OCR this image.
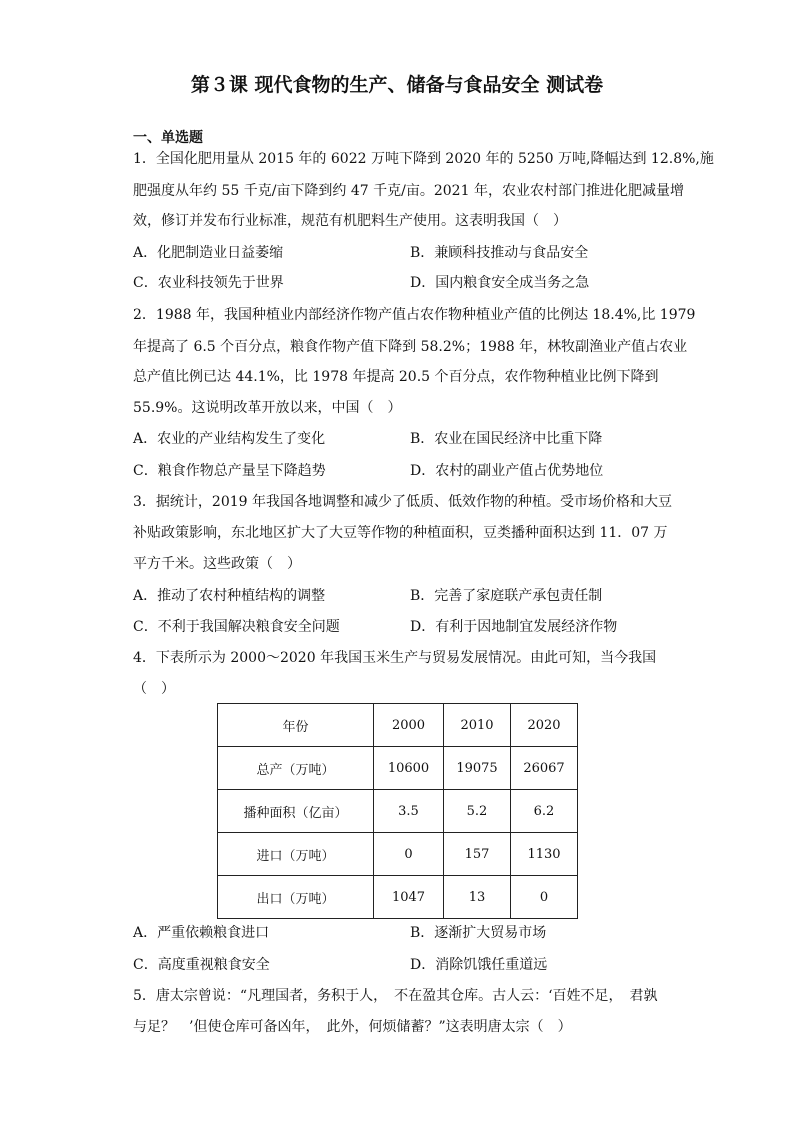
第３课 现代食物的生产、储备与食品安全 测试卷
一、单选题
1．全国化肥用量从 2015 年的 6022 万吨下降到 2020 年的 5250 万吨,降幅达到 12.8%,施
肥强度从年约 55 千克/亩下降到约 47 千克/亩。2021 年，农业农村部门推进化肥减量增
效，修订并发布行业标准，规范有机肥料生产使用。这表明我国（　）
A．化肥制造业日益萎缩	B．兼顾科技推动与食品安全
C．农业科技领先于世界	D．国内粮食安全成当务之急
2．1988 年，我国种植业内部经济作物产值占农作物种植业产值的比例达 18.4%,比 1979
年提高了 6.5 个百分点，粮食作物产值下降到 58.2%；1988 年，林牧副渔业产值占农业
总产值比例已达 44.1%，比 1978 年提高 20.5 个百分点，农作物种植业比例下降到
55.9%。这说明改革开放以来，中国（　）
A．农业的产业结构发生了变化	B．农业在国民经济中比重下降
C．粮食作物总产量呈下降趋势	D．农村的副业产值占优势地位
3．据统计，2019 年我国各地调整和减少了低质、低效作物的种植。受市场价格和大豆
补贴政策影响，东北地区扩大了大豆等作物的种植面积，豆类播种面积达到 11．07 万
平方千米。这些政策（　）
A．推动了农村种植结构的调整	B．完善了家庭联产承包责任制
C．不利于我国解决粮食安全问题	D．有利于因地制宜发展经济作物
4．下表所示为 2000～2020 年我国玉米生产与贸易发展情况。由此可知，当今我国
（　）
年份	2000	2010	2020
总产（万吨）	10600	19075	26067
播种面积（亿亩）	3.5	5.2	6.2
进口（万吨）	0	157	1130
出口（万吨）	1047	13	0
A．严重依赖粮食进口	B．逐渐扩大贸易市场
C．高度重视粮食安全	D．消除饥饿任重道远
5．唐太宗曾说：“凡理国者，务积于人，　不在盈其仓库。古人云：‘百姓不足，　君孰
与足？　’但使仓库可备凶年，　此外，何烦储蓄？”这表明唐太宗（　）
